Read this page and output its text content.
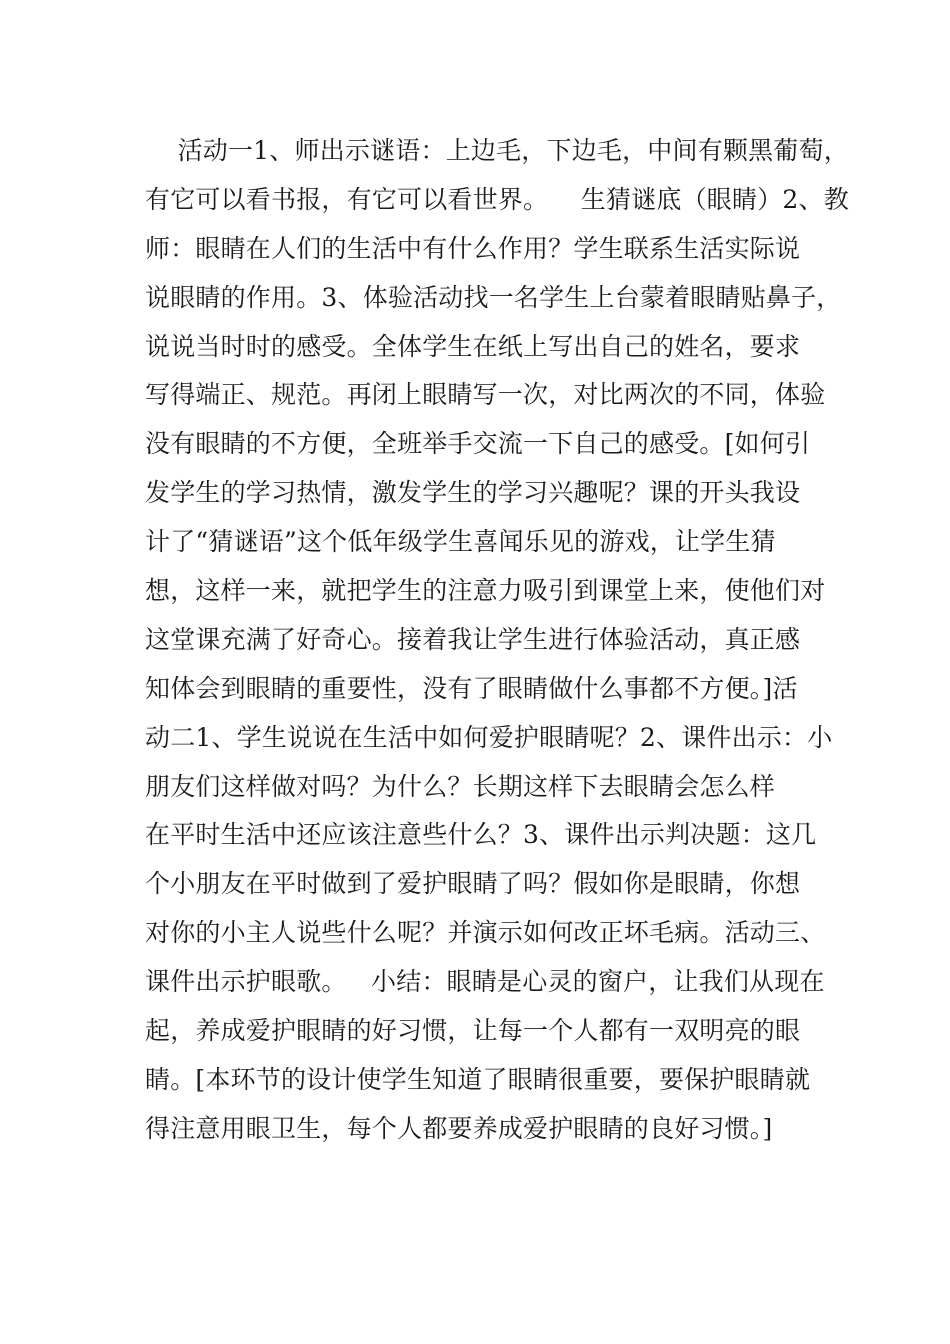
活动一1、师出示谜语：上边毛，下边毛，中间有颗黑葡萄，
有它可以看书报，有它可以看世界。    生猜谜底（眼睛）2、教
师：眼睛在人们的生活中有什么作用？学生联系生活实际说
说眼睛的作用。3、体验活动找一名学生上台蒙着眼睛贴鼻子，
说说当时时的感受。全体学生在纸上写出自己的姓名，要求
写得端正、规范。再闭上眼睛写一次，对比两次的不同，体验
没有眼睛的不方便，全班举手交流一下自己的感受。[如何引
发学生的学习热情，激发学生的学习兴趣呢？课的开头我设
计了“猜谜语”这个低年级学生喜闻乐见的游戏，让学生猜
想，这样一来，就把学生的注意力吸引到课堂上来，使他们对
这堂课充满了好奇心。接着我让学生进行体验活动，真正感
知体会到眼睛的重要性，没有了眼睛做什么事都不方便。]活
动二1、学生说说在生活中如何爱护眼睛呢？2、课件出示：小
朋友们这样做对吗？为什么？长期这样下去眼睛会怎么样
在平时生活中还应该注意些什么？3、课件出示判决题：这几
个小朋友在平时做到了爱护眼睛了吗？假如你是眼睛，你想
对你的小主人说些什么呢？并演示如何改正坏毛病。活动三、
课件出示护眼歌。   小结：眼睛是心灵的窗户，让我们从现在
起，养成爱护眼睛的好习惯，让每一个人都有一双明亮的眼
睛。[本环节的设计使学生知道了眼睛很重要，要保护眼睛就
得注意用眼卫生，每个人都要养成爱护眼睛的良好习惯。]
